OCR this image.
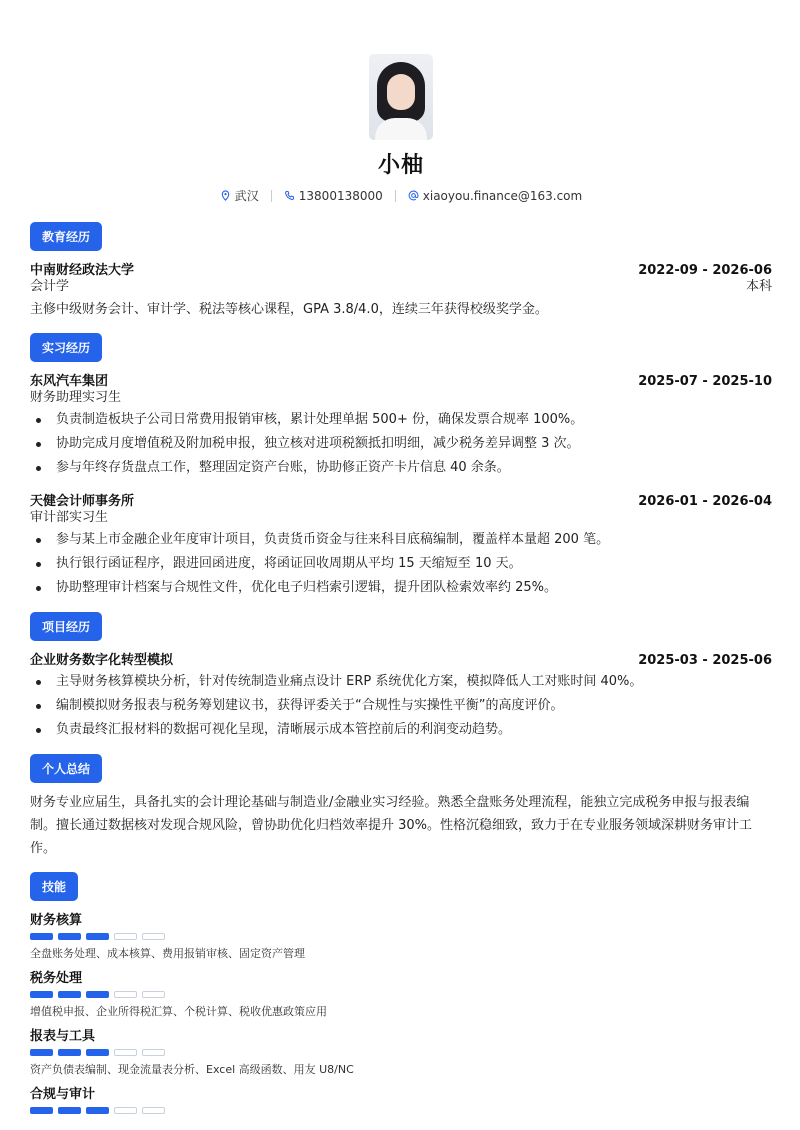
小柚
武汉	13800138000	xiaoyou.finance@163.com
教育经历
中南财经政法大学	2022-09 - 2026-06
会计学	本科
主修中级财务会计、审计学、税法等核心课程，GPA 3.8/4.0，连续三年获得校级奖学金。
实习经历
东风汽车集团	2025-07 - 2025-10
财务助理实习生
负责制造板块子公司日常费用报销审核，累计处理单据 500+ 份，确保发票合规率 100%。
协助完成月度增值税及附加税申报，独立核对进项税额抵扣明细，减少税务差异调整 3 次。
参与年终存货盘点工作，整理固定资产台账，协助修正资产卡片信息 40 余条。
天健会计师事务所	2026-01 - 2026-04
审计部实习生
参与某上市金融企业年度审计项目，负责货币资金与往来科目底稿编制，覆盖样本量超 200 笔。
执行银行函证程序，跟进回函进度，将函证回收周期从平均 15 天缩短至 10 天。
协助整理审计档案与合规性文件，优化电子归档索引逻辑，提升团队检索效率约 25%。
项目经历
企业财务数字化转型模拟	2025-03 - 2025-06
主导财务核算模块分析，针对传统制造业痛点设计 ERP 系统优化方案，模拟降低人工对账时间 40%。
编制模拟财务报表与税务筹划建议书，获得评委关于“合规性与实操性平衡”的高度评价。
负责最终汇报材料的数据可视化呈现，清晰展示成本管控前后的利润变动趋势。
个人总结
财务专业应届生，具备扎实的会计理论基础与制造业/金融业实习经验。熟悉全盘账务处理流程，能独立完成税务申报与报表编制。擅长通过数据核对发现合规风险，曾协助优化归档效率提升 30%。性格沉稳细致，致力于在专业服务领域深耕财务审计工作。
技能
财务核算
全盘账务处理、成本核算、费用报销审核、固定资产管理
税务处理
增值税申报、企业所得税汇算、个税计算、税收优惠政策应用
报表与工具
资产负债表编制、现金流量表分析、Excel 高级函数、用友 U8/NC
合规与审计
